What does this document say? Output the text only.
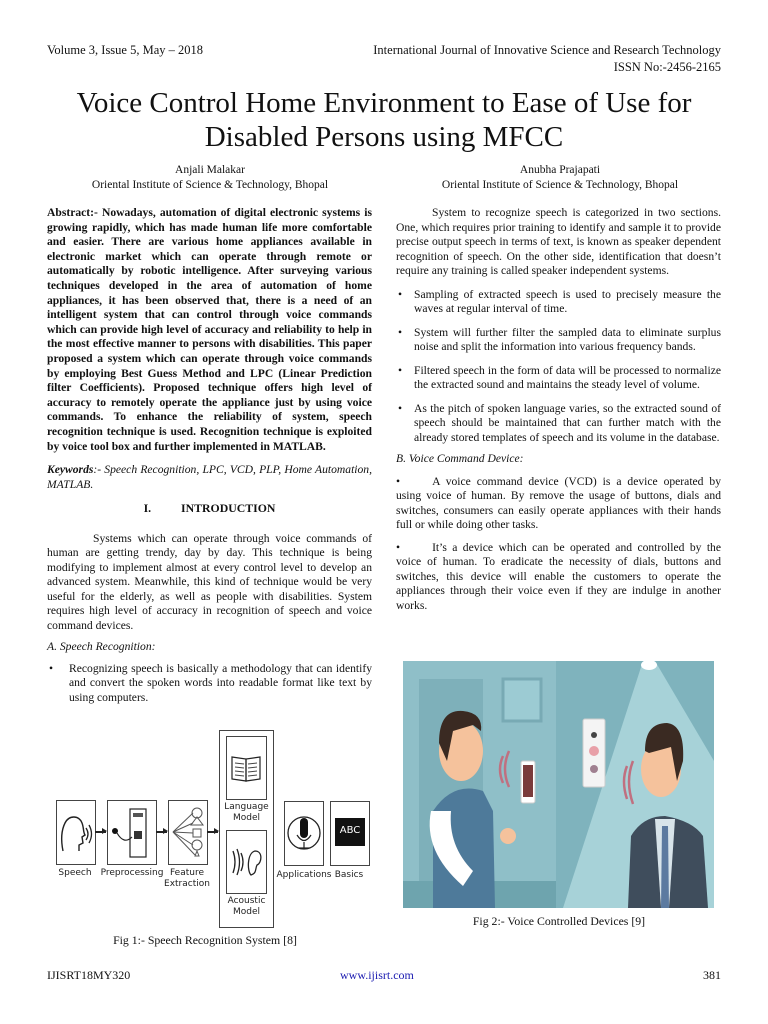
Volume 3, Issue 5, May – 2018	International Journal of Innovative Science and Research Technology
ISSN No:-2456-2165
Voice Control Home Environment to Ease of Use for
Disabled Persons using MFCC
Anjali Malakar
Oriental Institute of Science & Technology, Bhopal
Anubha Prajapati
Oriental Institute of Science & Technology, Bhopal

Abstract:- Nowadays, automation of digital electronic systems is growing rapidly, which has made human life more comfortable and easier. There are various home appliances available in electronic market which can operate through remote or automatically by robotic intelligence. After surveying various techniques developed in the area of automation of home appliances, it has been observed that, there is a need of an intelligent system that can control through voice commands which can provide high level of accuracy and reliability to help in the most effective manner to persons with disabilities. This paper proposed a system which can operate through voice commands by employing Best Guess Method and LPC (Linear Prediction filter Coefficients). Proposed technique offers high level of accuracy to remotely operate the appliance just by using voice commands. To enhance the reliability of system, speech recognition technique is used. Recognition technique is exploited by voice tool box and further implemented in MATLAB.

Keywords:- Speech Recognition, LPC, VCD, PLP, Home Automation, MATLAB.

I.	INTRODUCTION

Systems which can operate through voice commands of human are getting trendy, day by day. This technique is being modifying to implement almost at every control level to develop an advanced system. Meanwhile, this kind of technique would be very useful for the elderly, as well as people with disabilities. System requires high level of accuracy in recognition of speech and voice command devices.

A. Speech Recognition:

•	Recognizing speech is basically a methodology that can identify and convert the spoken words into readable format like text by using computers.
Speech	Preprocessing Feature Extraction
Language Model
Acoustic Model
Applications
ABC
Basics
Fig 1:- Speech Recognition System [8]

System to recognize speech is categorized in two sections. One, which requires prior training to identify and sample it to provide precise output speech in terms of text, is known as speaker dependent recognition of speech. On the other side, identification that doesn’t require any training is called speaker independent systems.

• Sampling of extracted speech is used to precisely measure the waves at regular interval of time.
• System will further filter the sampled data to eliminate surplus noise and split the information into various frequency bands.
• Filtered speech in the form of data will be processed to normalize the extracted sound and maintains the steady level of volume.
• As the pitch of spoken language varies, so the extracted sound of speech should be maintained that can further match with the already stored templates of speech and its volume in the database.

B. Voice Command Device:

•	A voice command device (VCD) is a device operated by using voice of human. By remove the usage of buttons, dials and switches, consumers can easily operate appliances with their hands full or while doing other tasks.

•	It’s a device which can be operated and controlled by the voice of human. To eradicate the necessity of dials, buttons and switches, this device will enable the customers to operate the appliances through their voice even if they are indulge in another works.

Fig 2:- Voice Controlled Devices [9]
IJISRT18MY320	www.ijisrt.com	381
